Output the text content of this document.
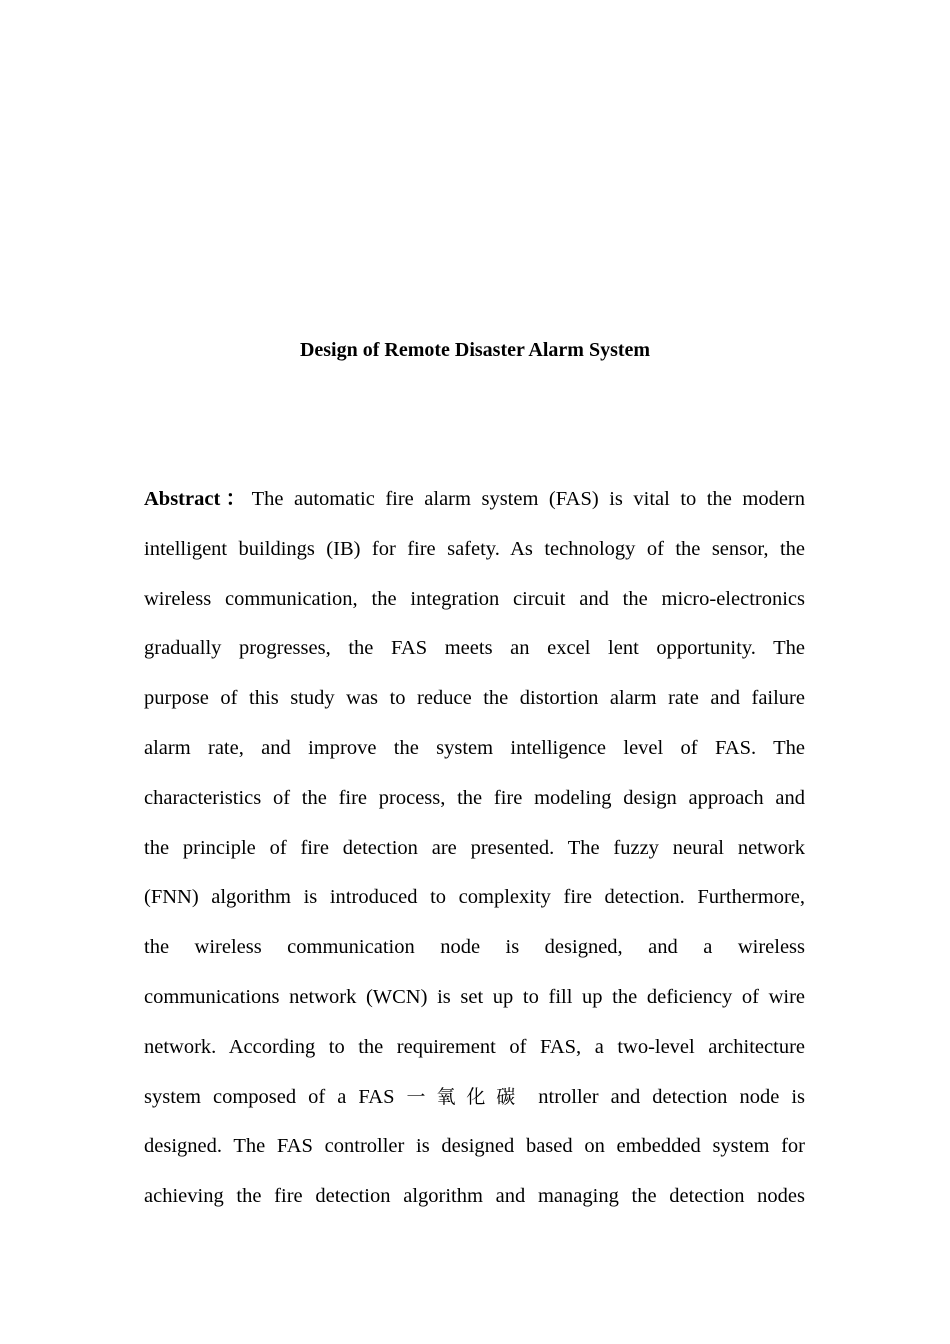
Design of Remote Disaster Alarm System
Abstract：The automatic fire alarm system (FAS) is vital to the modern
intelligent buildings (IB) for fire safety. As technology of the sensor, the
wireless communication, the integration circuit and the micro-electronics
gradually progresses, the FAS meets an excel lent opportunity. The
purpose of this study was to reduce the distortion alarm rate and failure
alarm rate, and improve the system intelligence level of FAS. The
characteristics of the fire process, the fire modeling design approach and
the principle of fire detection are presented. The fuzzy neural network
(FNN) algorithm is introduced to complexity fire detection. Furthermore,
the wireless communication node is designed, and a wireless
communications network (WCN) is set up to fill up the deficiency of wire
network. According to the requirement of FAS, a two-level architecture
system composed of a FAS 一氧化碳 ntroller and detection node is
designed. The FAS controller is designed based on embedded system for
achieving the fire detection algorithm and managing the detection nodes
